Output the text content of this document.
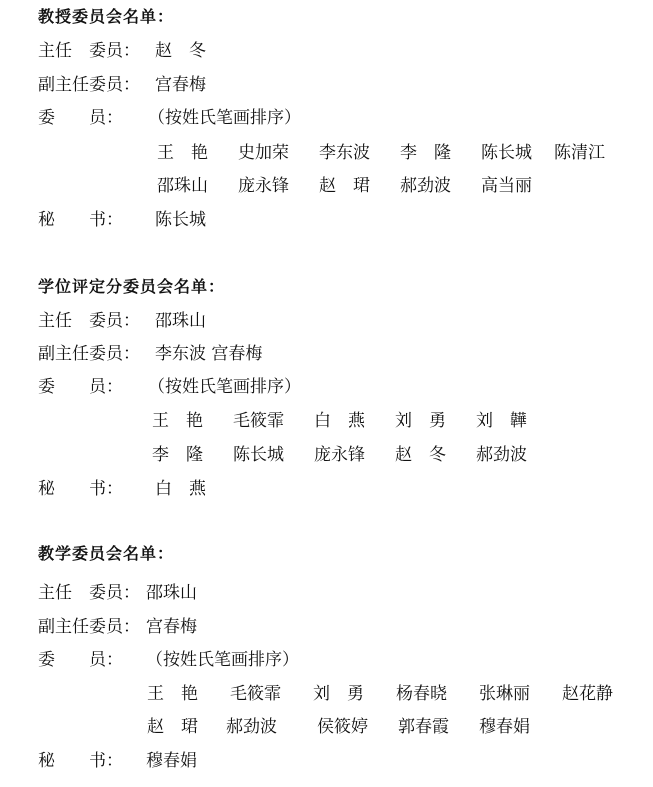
教授委员会名单：
主任　委员： 赵　冬
副主任委员： 宫春梅
委　　员： （按姓氏笔画排序）
王　艳 史加荣 李东波 李　隆 陈长城 陈清江
邵珠山 庞永锋 赵　珺 郝劲波 高当丽
秘　　书： 陈长城
学位评定分委员会名单：
主任　委员： 邵珠山
副主任委员： 李东波 宫春梅
委　　员： （按姓氏笔画排序）
王　艳 毛筱霏 白　燕 刘　勇 刘　韡
李　隆 陈长城 庞永锋 赵　冬 郝劲波
秘　　书： 白　燕
教学委员会名单：
主任　委员： 邵珠山
副主任委员： 宫春梅
委　　员： （按姓氏笔画排序）
王　艳 毛筱霏 刘　勇 杨春晓 张琳丽 赵花静
赵　珺 郝劲波 侯筱婷 郭春霞 穆春娟
秘　　书： 穆春娟
